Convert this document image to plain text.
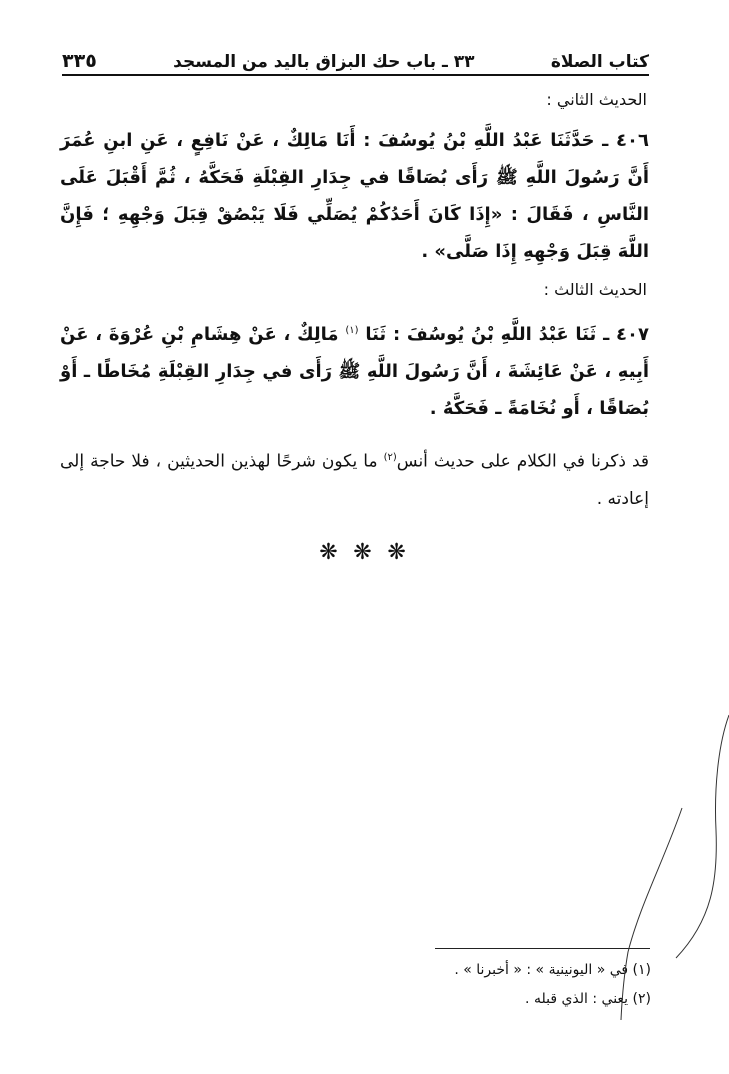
٣٣٥	٣٣ ـ باب حك البزاق باليد من المسجد	كتاب الصلاة

الحديث الثاني :

٤٠٦ ـ حَدَّثَنَا عَبْدُ اللَّهِ بْنُ يُوسُفَ : أَنَا مَالِكٌ ، عَنْ نَافِعٍ ، عَنِ ابنِ عُمَرَ أَنَّ رَسُولَ اللَّهِ ﷺ رَأَى بُصَاقًا في جِدَارِ القِبْلَةِ فَحَكَّهُ ، ثُمَّ أَقْبَلَ عَلَى النَّاسِ ، فَقَالَ : «إِذَا كَانَ أَحَدُكُمْ يُصَلِّي فَلَا يَبْصُقْ قِبَلَ وَجْهِهِ ؛ فَإِنَّ اللَّهَ قِبَلَ وَجْهِهِ إِذَا صَلَّى» .

الحديث الثالث :

٤٠٧ ـ ثَنَا عَبْدُ اللَّهِ بْنُ يُوسُفَ : ثَنَا $^{(١)}$ مَالِكٌ ، عَنْ هِشَامِ بْنِ عُرْوَةَ ، عَنْ أَبِيهِ ، عَنْ عَائِشَةَ ، أَنَّ رَسُولَ اللَّهِ ﷺ رَأَى في جِدَارِ القِبْلَةِ مُخَاطًا ـ أَوْ بُصَاقًا ، أَو نُخَامَةً ـ فَحَكَّهُ .

قد ذكرنا في الكلام على حديث أنس$^{(٢)}$ ما يكون شرحًا لهذين الحديثين ، فلا حاجة إلى إعادته .

❋ ❋ ❋

(١) في « اليونينية » : « أخبرنا » .

(٢) يعني : الذي قبله .
